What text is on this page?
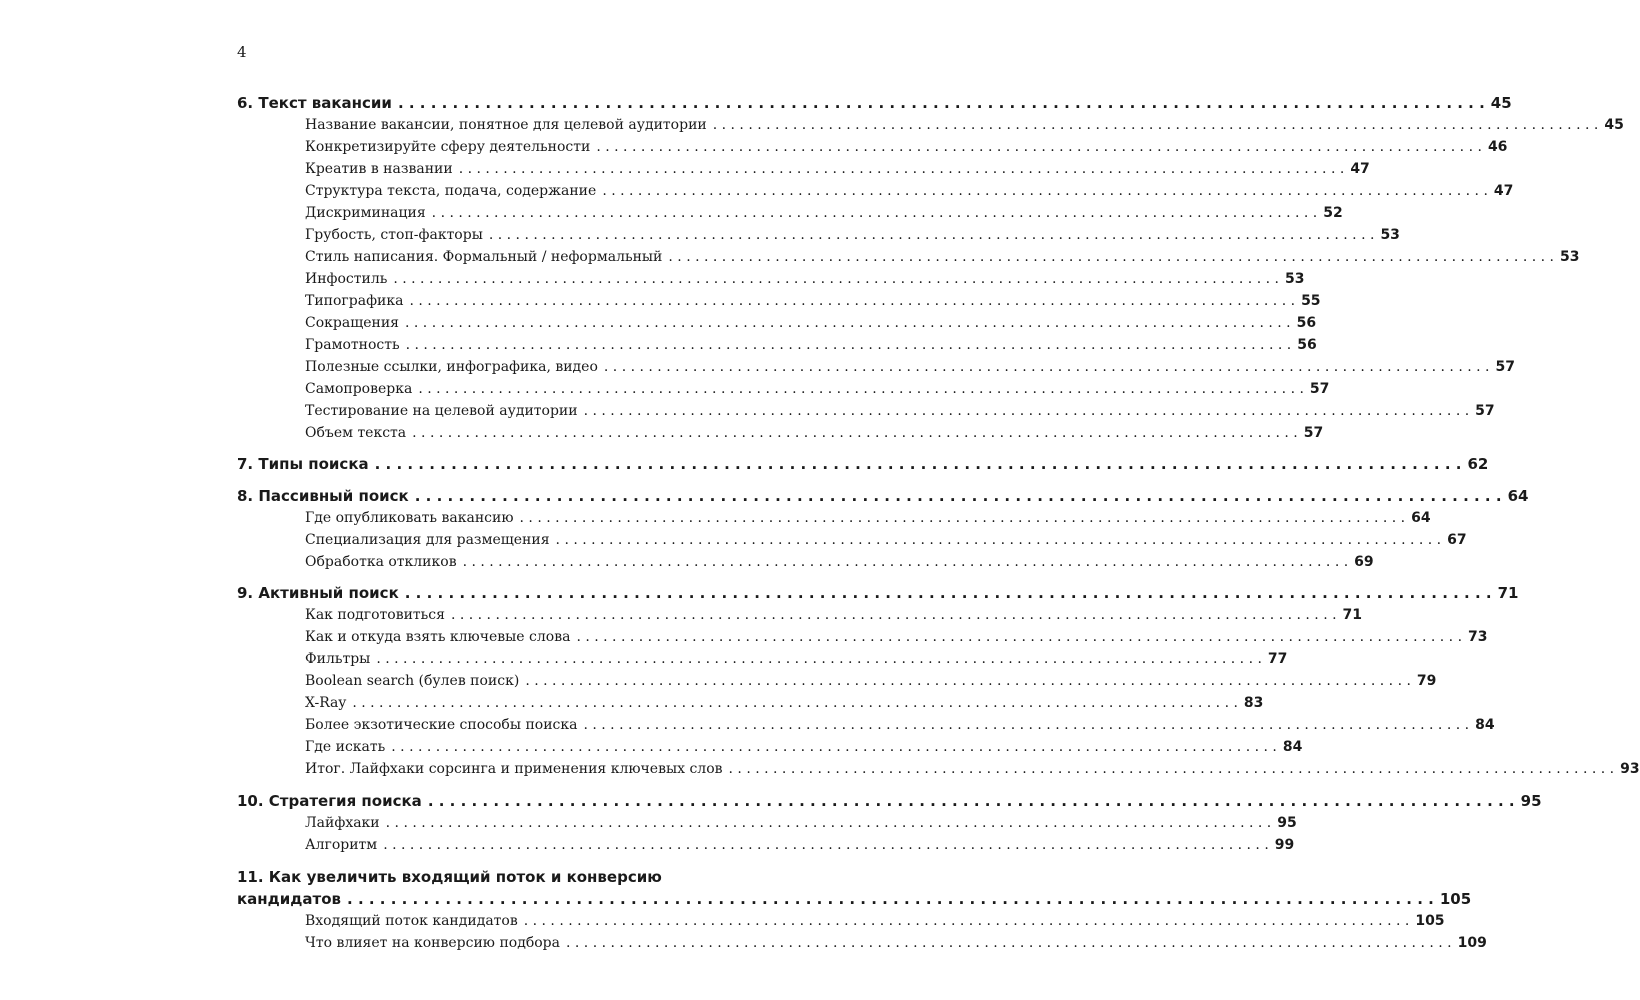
4
6. Текст вакансии . . .	45
Название вакансии, понятное для целевой аудитории . . .	45
Конкретизируйте сферу деятельности . . .	46
Креатив в названии . . .	47
Структура текста, подача, содержание . . .	47
Дискриминация . . .	52
Грубость, стоп-факторы . . .	53
Стиль написания. Формальный / неформальный . . .	53
Инфостиль . . .	53
Типографика . . .	55
Сокращения . . .	56
Грамотность . . .	56
Полезные ссылки, инфографика, видео . . .	57
Самопроверка . . .	57
Тестирование на целевой аудитории . . .	57
Объем текста . . .	57
7. Типы поиска . . .	62
8. Пассивный поиск . . .	64
Где опубликовать вакансию . . .	64
Специализация для размещения . . .	67
Обработка откликов . . .	69
9. Активный поиск . . .	71
Как подготовиться . . .	71
Как и откуда взять ключевые слова . . .	73
Фильтры . . .	77
Boolean search (булев поиск) . . .	79
X-Ray . . .	83
Более экзотические способы поиска . . .	84
Где искать . . .	84
Итог. Лайфхаки сорсинга и применения ключевых слов . . .	93
10. Стратегия поиска . . .	95
Лайфхаки . . .	95
Алгоритм . . .	99
11. Как увеличить входящий поток и конверсию
кандидатов . . .	105
Входящий поток кандидатов . . .	105
Что влияет на конверсию подбора . . .	109
